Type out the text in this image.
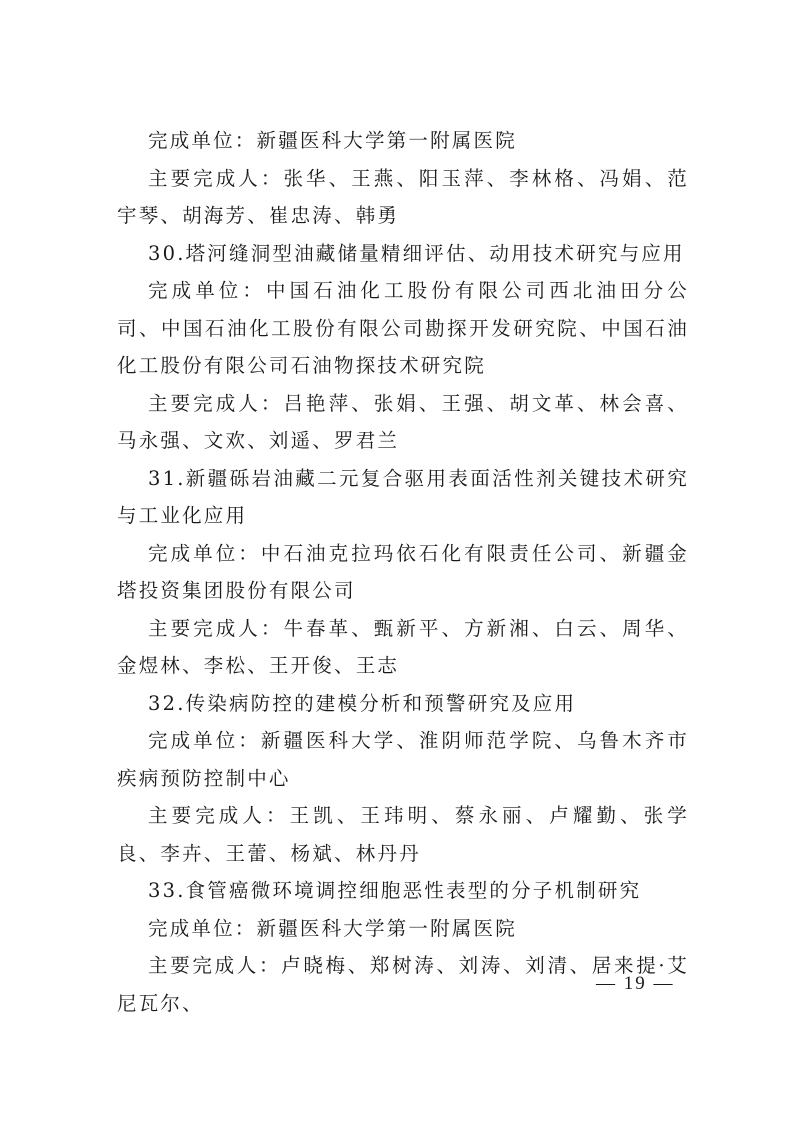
完成单位：新疆医科大学第一附属医院

主要完成人：张华、王燕、阳玉萍、李林格、冯娟、范宇琴、胡海芳、崔忠涛、韩勇

30.塔河缝洞型油藏储量精细评估、动用技术研究与应用

完成单位：中国石油化工股份有限公司西北油田分公司、中国石油化工股份有限公司勘探开发研究院、中国石油化工股份有限公司石油物探技术研究院

主要完成人：吕艳萍、张娟、王强、胡文革、林会喜、马永强、文欢、刘遥、罗君兰

31.新疆砾岩油藏二元复合驱用表面活性剂关键技术研究与工业化应用

完成单位：中石油克拉玛依石化有限责任公司、新疆金塔投资集团股份有限公司

主要完成人：牛春革、甄新平、方新湘、白云、周华、金煜林、李松、王开俊、王志

32.传染病防控的建模分析和预警研究及应用

完成单位：新疆医科大学、淮阴师范学院、乌鲁木齐市疾病预防控制中心

主要完成人：王凯、王玮明、蔡永丽、卢耀勤、张学良、李卉、王蕾、杨斌、林丹丹

33.食管癌微环境调控细胞恶性表型的分子机制研究

完成单位：新疆医科大学第一附属医院

主要完成人：卢晓梅、郑树涛、刘涛、刘清、居来提·艾尼瓦尔、

— 19 —
